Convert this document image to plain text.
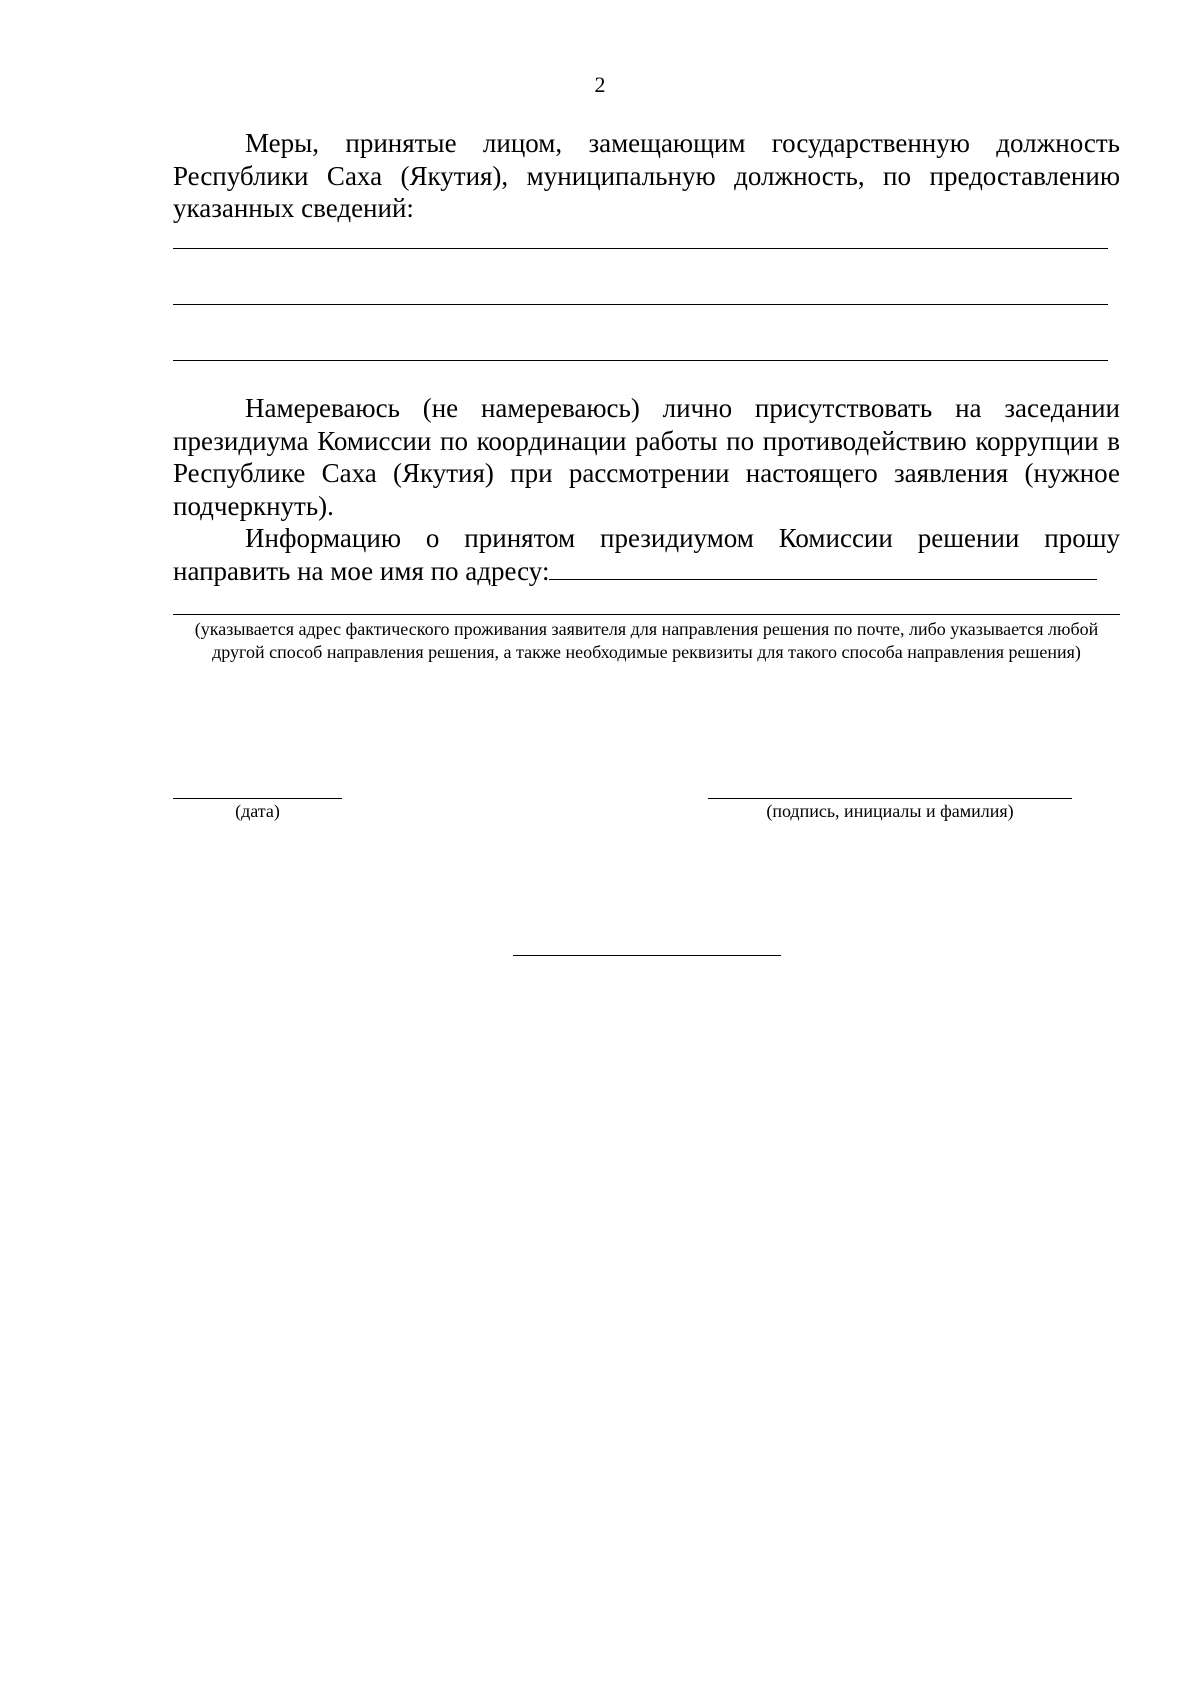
2

Меры, принятые лицом, замещающим государственную должность Республики Саха (Якутия), муниципальную должность, по предоставлению указанных сведений:

Намереваюсь (не намереваюсь) лично присутствовать на заседании президиума Комиссии по координации работы по противодействию коррупции в Республике Саха (Якутия) при рассмотрении настоящего заявления (нужное подчеркнуть).

Информацию о принятом президиумом Комиссии решении прошу направить на мое имя по адресу:

(указывается адрес фактического проживания заявителя для направления решения по почте, либо указывается любой другой способ направления решения, а также необходимые реквизиты для такого способа направления решения)
(дата)	(подпись, инициалы и фамилия)
